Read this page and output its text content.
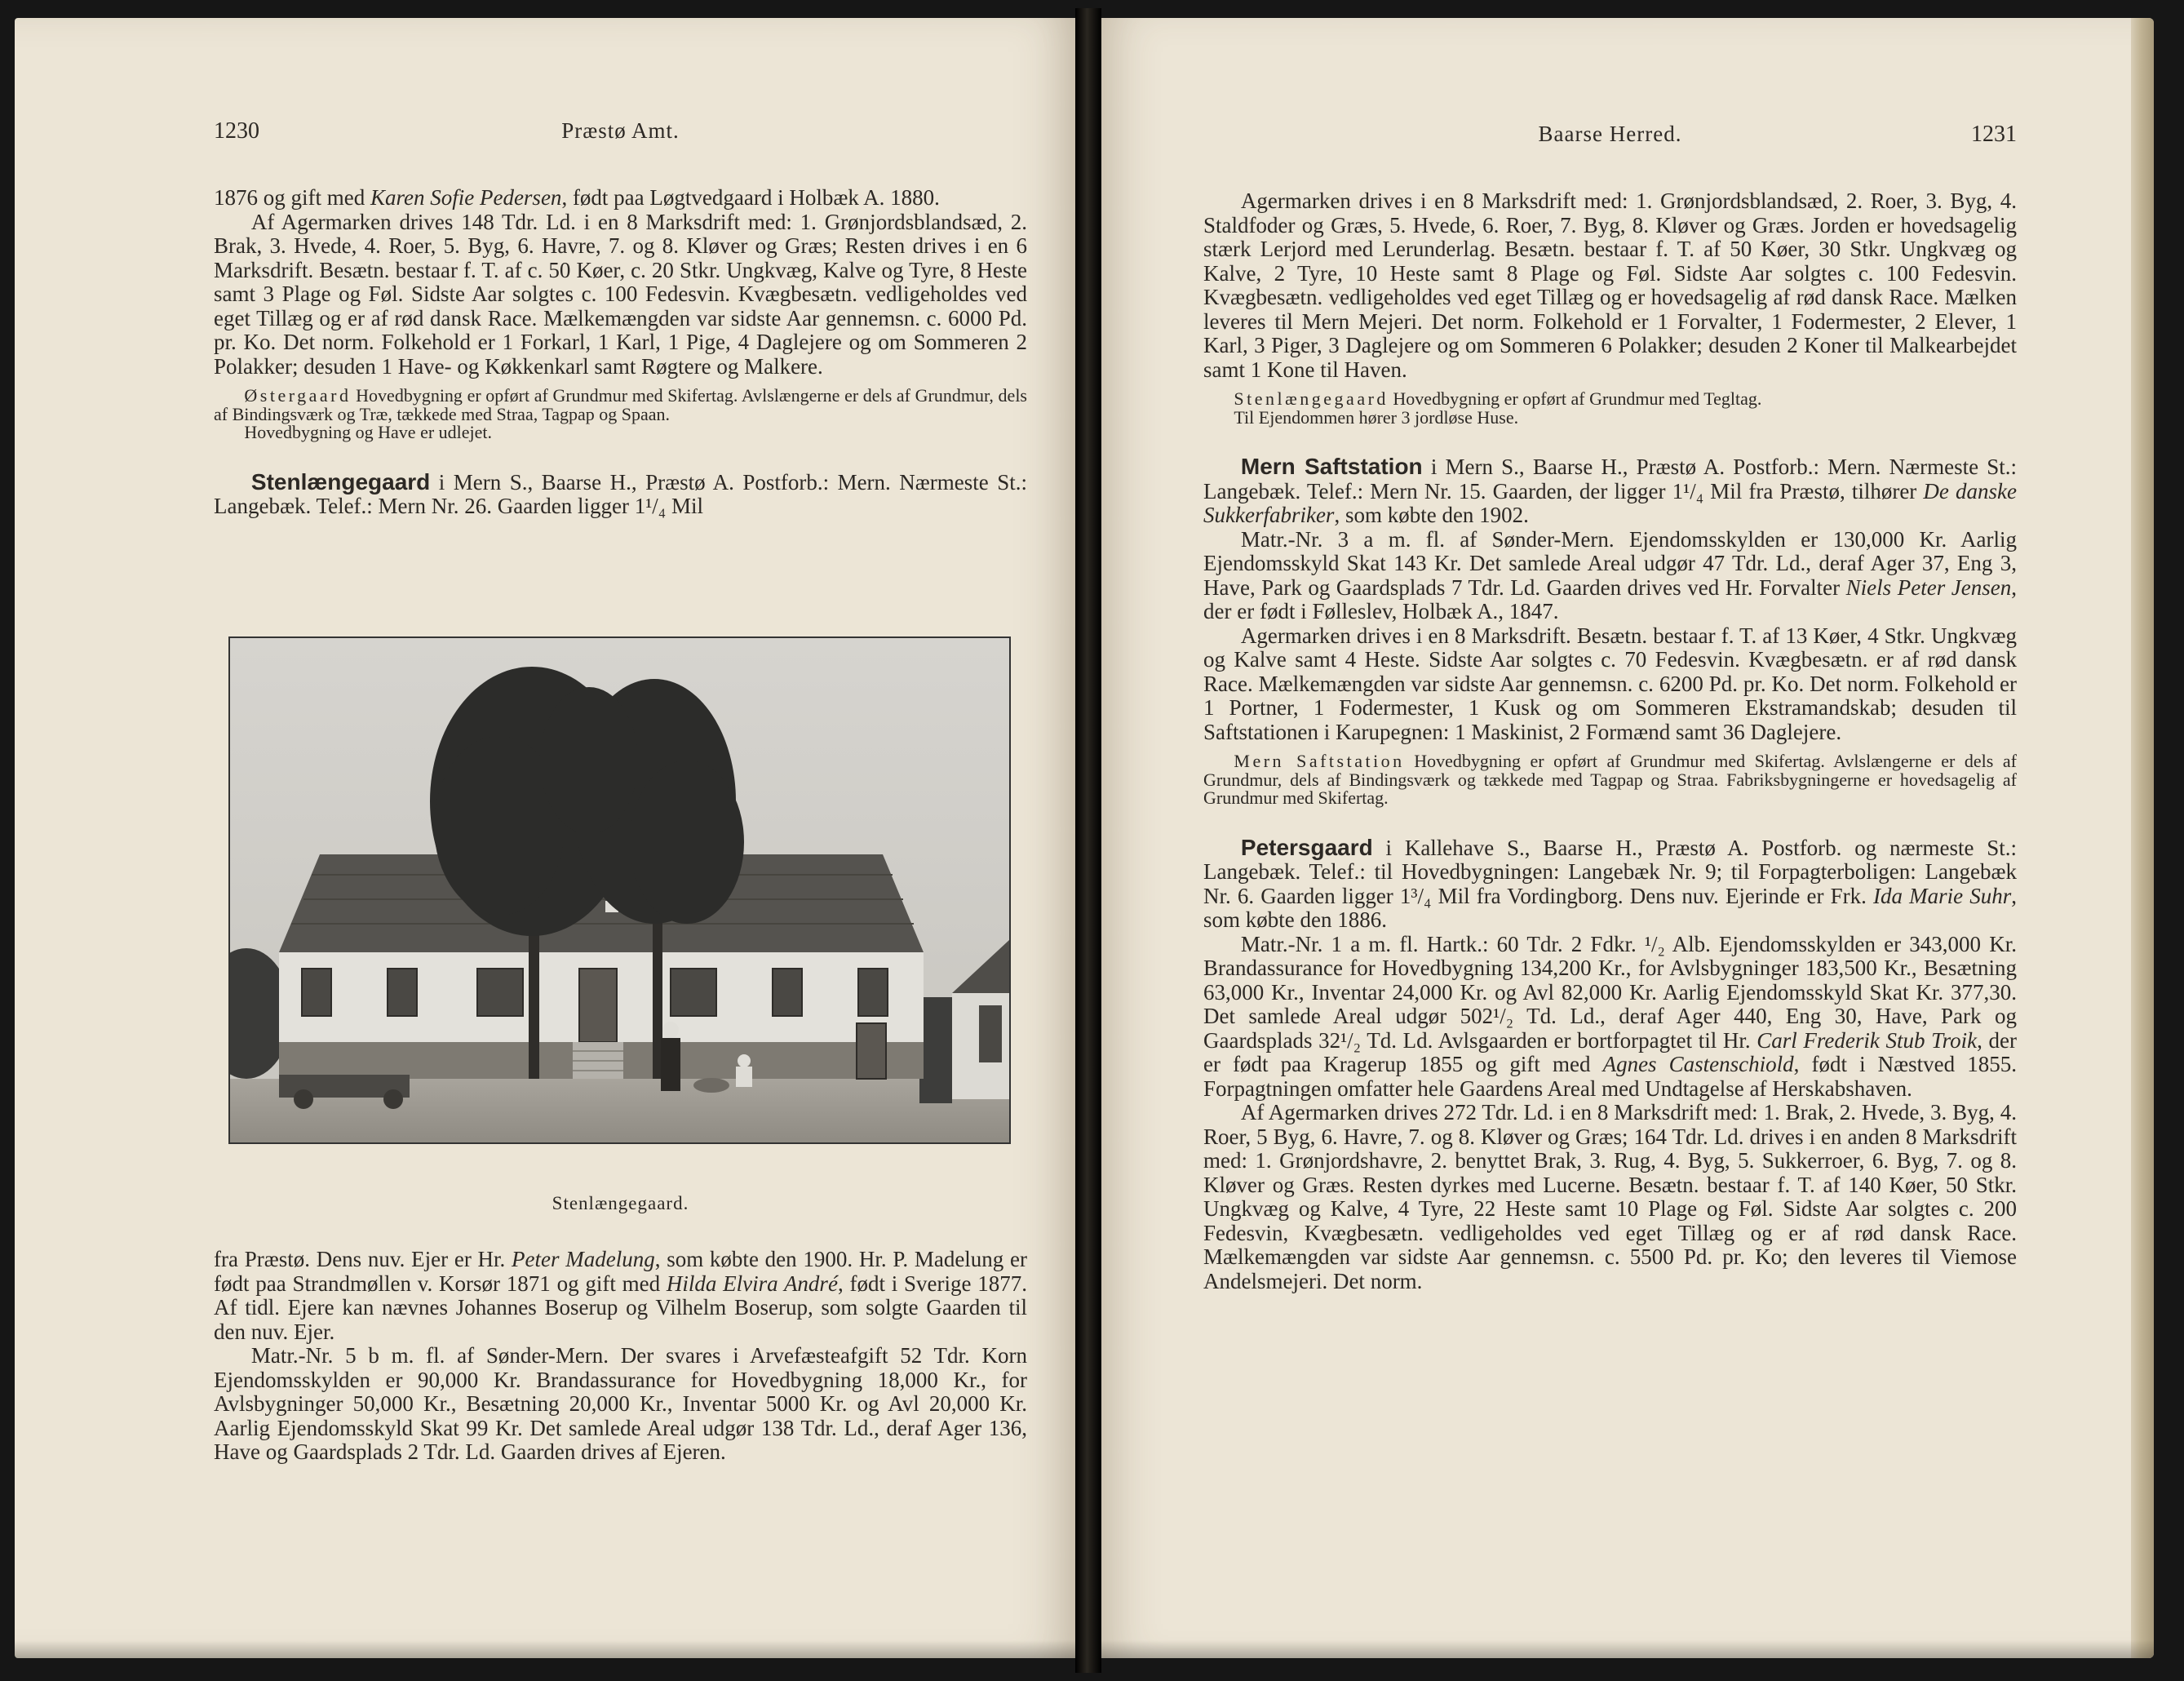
1230	Præstø Amt.

1876 og gift med Karen Sofie Pedersen, født paa Løgtvedgaard i Holbæk A. 1880.

Af Agermarken drives 148 Tdr. Ld. i en 8 Marksdrift med: 1. Grønjordsblandsæd, 2. Brak, 3. Hvede, 4. Roer, 5. Byg, 6. Havre, 7. og 8. Kløver og Græs; Resten drives i en 6 Marksdrift. Besætn. bestaar f. T. af c. 50 Køer, c. 20 Stkr. Ungkvæg, Kalve og Tyre, 8 Heste samt 3 Plage og Føl. Sidste Aar solgtes c. 100 Fedesvin. Kvægbesætn. vedligeholdes ved eget Tillæg og er af rød dansk Race. Mælkemængden var sidste Aar gennemsn. c. 6000 Pd. pr. Ko. Det norm. Folkehold er 1 Forkarl, 1 Karl, 1 Pige, 4 Daglejere og om Sommeren 2 Polakker; desuden 1 Have- og Køkkenkarl samt Røgtere og Malkere.

Østergaard Hovedbygning er opført af Grundmur med Skifertag. Avlslængerne er dels af Grundmur, dels af Bindingsværk og Træ, tækkede med Straa, Tagpap og Spaan.

Hovedbygning og Have er udlejet.

Stenlængegaard i Mern S., Baarse H., Præstø A. Postforb.: Mern. Nærmeste St.: Langebæk. Telef.: Mern Nr. 26. Gaarden ligger 1¹/₄ Mil

Stenlængegaard.

fra Præstø. Dens nuv. Ejer er Hr. Peter Madelung, som købte den 1900. Hr. P. Madelung er født paa Strandmøllen v. Korsør 1871 og gift med Hilda Elvira André, født i Sverige 1877. Af tidl. Ejere kan nævnes Johannes Boserup og Vilhelm Boserup, som solgte Gaarden til den nuv. Ejer.

Matr.-Nr. 5 b m. fl. af Sønder-Mern. Der svares i Arvefæsteafgift 52 Tdr. Korn Ejendomsskylden er 90,000 Kr. Brandassurance for Hovedbygning 18,000 Kr., for Avlsbygninger 50,000 Kr., Besætning 20,000 Kr., Inventar 5000 Kr. og Avl 20,000 Kr. Aarlig Ejendomsskyld Skat 99 Kr. Det samlede Areal udgør 138 Tdr. Ld., deraf Ager 136, Have og Gaardsplads 2 Tdr. Ld. Gaarden drives af Ejeren.

Baarse Herred.	1231

Agermarken drives i en 8 Marksdrift med: 1. Grønjordsblandsæd, 2. Roer, 3. Byg, 4. Staldfoder og Græs, 5. Hvede, 6. Roer, 7. Byg, 8. Kløver og Græs. Jorden er hovedsagelig stærk Lerjord med Lerunderlag. Besætn. bestaar f. T. af 50 Køer, 30 Stkr. Ungkvæg og Kalve, 2 Tyre, 10 Heste samt 8 Plage og Føl. Sidste Aar solgtes c. 100 Fedesvin. Kvægbesætn. vedligeholdes ved eget Tillæg og er hovedsagelig af rød dansk Race. Mælken leveres til Mern Mejeri. Det norm. Folkehold er 1 Forvalter, 1 Fodermester, 2 Elever, 1 Karl, 3 Piger, 3 Daglejere og om Sommeren 6 Polakker; desuden 2 Koner til Malkearbejdet samt 1 Kone til Haven.

Stenlængegaard Hovedbygning er opført af Grundmur med Tegltag.

Til Ejendommen hører 3 jordløse Huse.

Mern Saftstation i Mern S., Baarse H., Præstø A. Postforb.: Mern. Nærmeste St.: Langebæk. Telef.: Mern Nr. 15. Gaarden, der ligger 1¹/₄ Mil fra Præstø, tilhører De danske Sukkerfabriker, som købte den 1902.

Matr.-Nr. 3 a m. fl. af Sønder-Mern. Ejendomsskylden er 130,000 Kr. Aarlig Ejendomsskyld Skat 143 Kr. Det samlede Areal udgør 47 Tdr. Ld., deraf Ager 37, Eng 3, Have, Park og Gaardsplads 7 Tdr. Ld. Gaarden drives ved Hr. Forvalter Niels Peter Jensen, der er født i Følleslev, Holbæk A., 1847.

Agermarken drives i en 8 Marksdrift. Besætn. bestaar f. T. af 13 Køer, 4 Stkr. Ungkvæg og Kalve samt 4 Heste. Sidste Aar solgtes c. 70 Fedesvin. Kvægbesætn. er af rød dansk Race. Mælkemængden var sidste Aar gennemsn. c. 6200 Pd. pr. Ko. Det norm. Folkehold er 1 Portner, 1 Fodermester, 1 Kusk og om Sommeren Ekstramandskab; desuden til Saftstationen i Karupegnen: 1 Maskinist, 2 Formænd samt 36 Daglejere.

Mern Saftstation Hovedbygning er opført af Grundmur med Skifertag. Avlslængerne er dels af Grundmur, dels af Bindingsværk og tækkede med Tagpap og Straa. Fabriksbygningerne er hovedsagelig af Grundmur med Skifertag.

Petersgaard i Kallehave S., Baarse H., Præstø A. Postforb. og nærmeste St.: Langebæk. Telef.: til Hovedbygningen: Langebæk Nr. 9; til Forpagterboligen: Langebæk Nr. 6. Gaarden ligger 1³/₄ Mil fra Vordingborg. Dens nuv. Ejerinde er Frk. Ida Marie Suhr, som købte den 1886.

Matr.-Nr. 1 a m. fl. Hartk.: 60 Tdr. 2 Fdkr. ¹/₂ Alb. Ejendomsskylden er 343,000 Kr. Brandassurance for Hovedbygning 134,200 Kr., for Avlsbygninger 183,500 Kr., Besætning 63,000 Kr., Inventar 24,000 Kr. og Avl 82,000 Kr. Aarlig Ejendomsskyld Skat Kr. 377,30. Det samlede Areal udgør 502¹/₂ Td. Ld., deraf Ager 440, Eng 30, Have, Park og Gaardsplads 32¹/₂ Td. Ld. Avlsgaarden er bortforpagtet til Hr. Carl Frederik Stub Troik, der er født paa Kragerup 1855 og gift med Agnes Castenschiold, født i Næstved 1855. Forpagtningen omfatter hele Gaardens Areal med Undtagelse af Herskabshaven.

Af Agermarken drives 272 Tdr. Ld. i en 8 Marksdrift med: 1. Brak, 2. Hvede, 3. Byg, 4. Roer, 5 Byg, 6. Havre, 7. og 8. Kløver og Græs; 164 Tdr. Ld. drives i en anden 8 Marksdrift med: 1. Grønjordshavre, 2. benyttet Brak, 3. Rug, 4. Byg, 5. Sukkerroer, 6. Byg, 7. og 8. Kløver og Græs. Resten dyrkes med Lucerne. Besætn. bestaar f. T. af 140 Køer, 50 Stkr. Ungkvæg og Kalve, 4 Tyre, 22 Heste samt 10 Plage og Føl. Sidste Aar solgtes c. 200 Fedesvin, Kvægbesætn. vedligeholdes ved eget Tillæg og er af rød dansk Race. Mælkemængden var sidste Aar gennemsn. c. 5500 Pd. pr. Ko; den leveres til Viemose Andelsmejeri. Det norm.
